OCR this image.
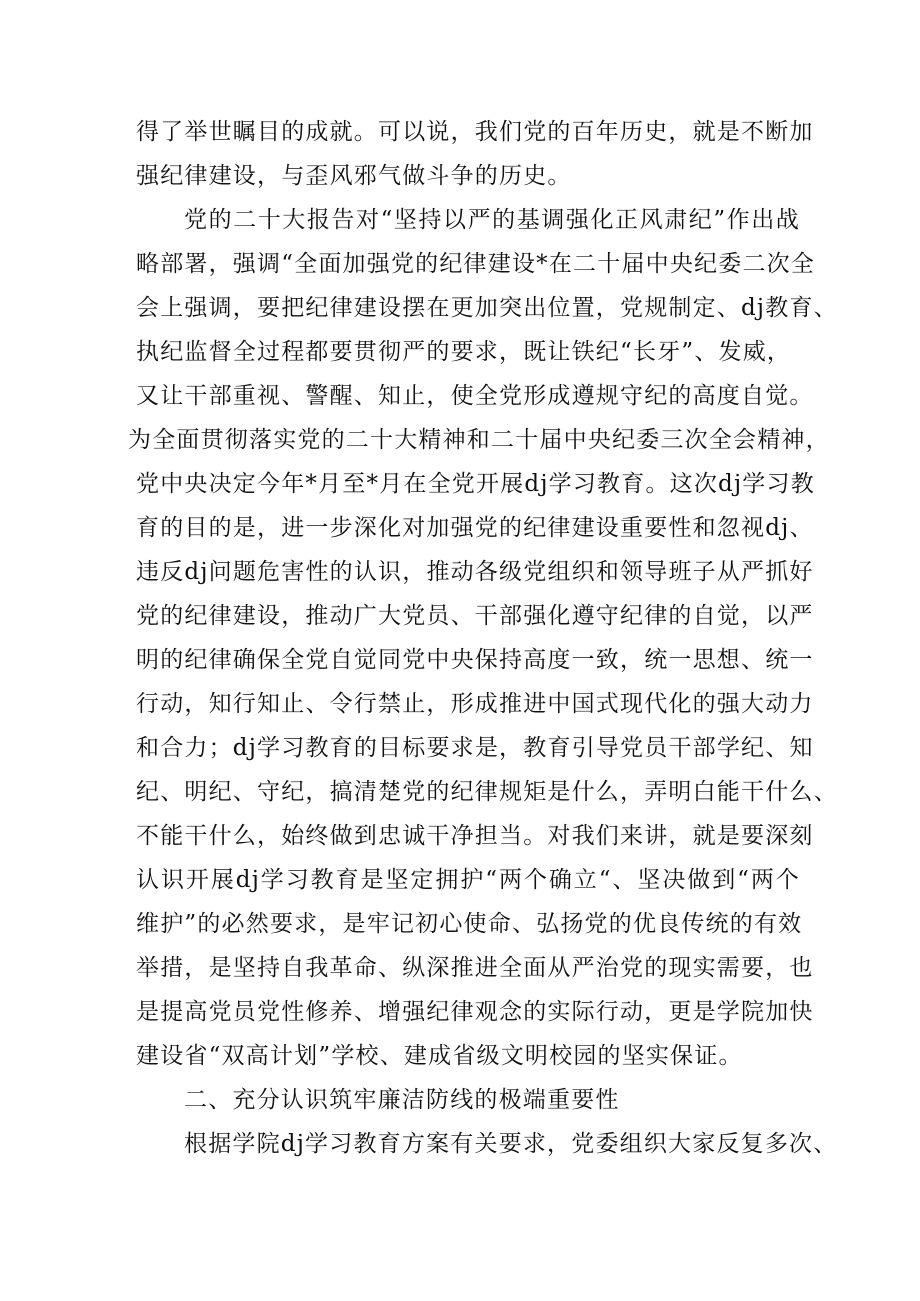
得了举世瞩目的成就。可以说，我们党的百年历史，就是不断加
强纪律建设，与歪风邪气做斗争的历史。
党的二十大报告对“坚持以严的基调强化正风肃纪”作出战
略部署，强调“全面加强党的纪律建设*在二十届中央纪委二次全
会上强调，要把纪律建设摆在更加突出位置，党规制定、dj教育、
执纪监督全过程都要贯彻严的要求，既让铁纪“长牙”、发威，
又让干部重视、警醒、知止，使全党形成遵规守纪的高度自觉。
为全面贯彻落实党的二十大精神和二十届中央纪委三次全会精神，
党中央决定今年*月至*月在全党开展dj学习教育。这次dj学习教
育的目的是，进一步深化对加强党的纪律建设重要性和忽视dj、
违反dj问题危害性的认识，推动各级党组织和领导班子从严抓好
党的纪律建设，推动广大党员、干部强化遵守纪律的自觉，以严
明的纪律确保全党自觉同党中央保持高度一致，统一思想、统一
行动，知行知止、令行禁止，形成推进中国式现代化的强大动力
和合力；dj学习教育的目标要求是，教育引导党员干部学纪、知
纪、明纪、守纪，搞清楚党的纪律规矩是什么，弄明白能干什么、
不能干什么，始终做到忠诚干净担当。对我们来讲，就是要深刻
认识开展dj学习教育是坚定拥护“两个确立“、坚决做到“两个
维护”的必然要求，是牢记初心使命、弘扬党的优良传统的有效
举措，是坚持自我革命、纵深推进全面从严治党的现实需要，也
是提高党员党性修养、增强纪律观念的实际行动，更是学院加快
建设省“双高计划”学校、建成省级文明校园的坚实保证。
二、充分认识筑牢廉洁防线的极端重要性
根据学院dj学习教育方案有关要求，党委组织大家反复多次、
